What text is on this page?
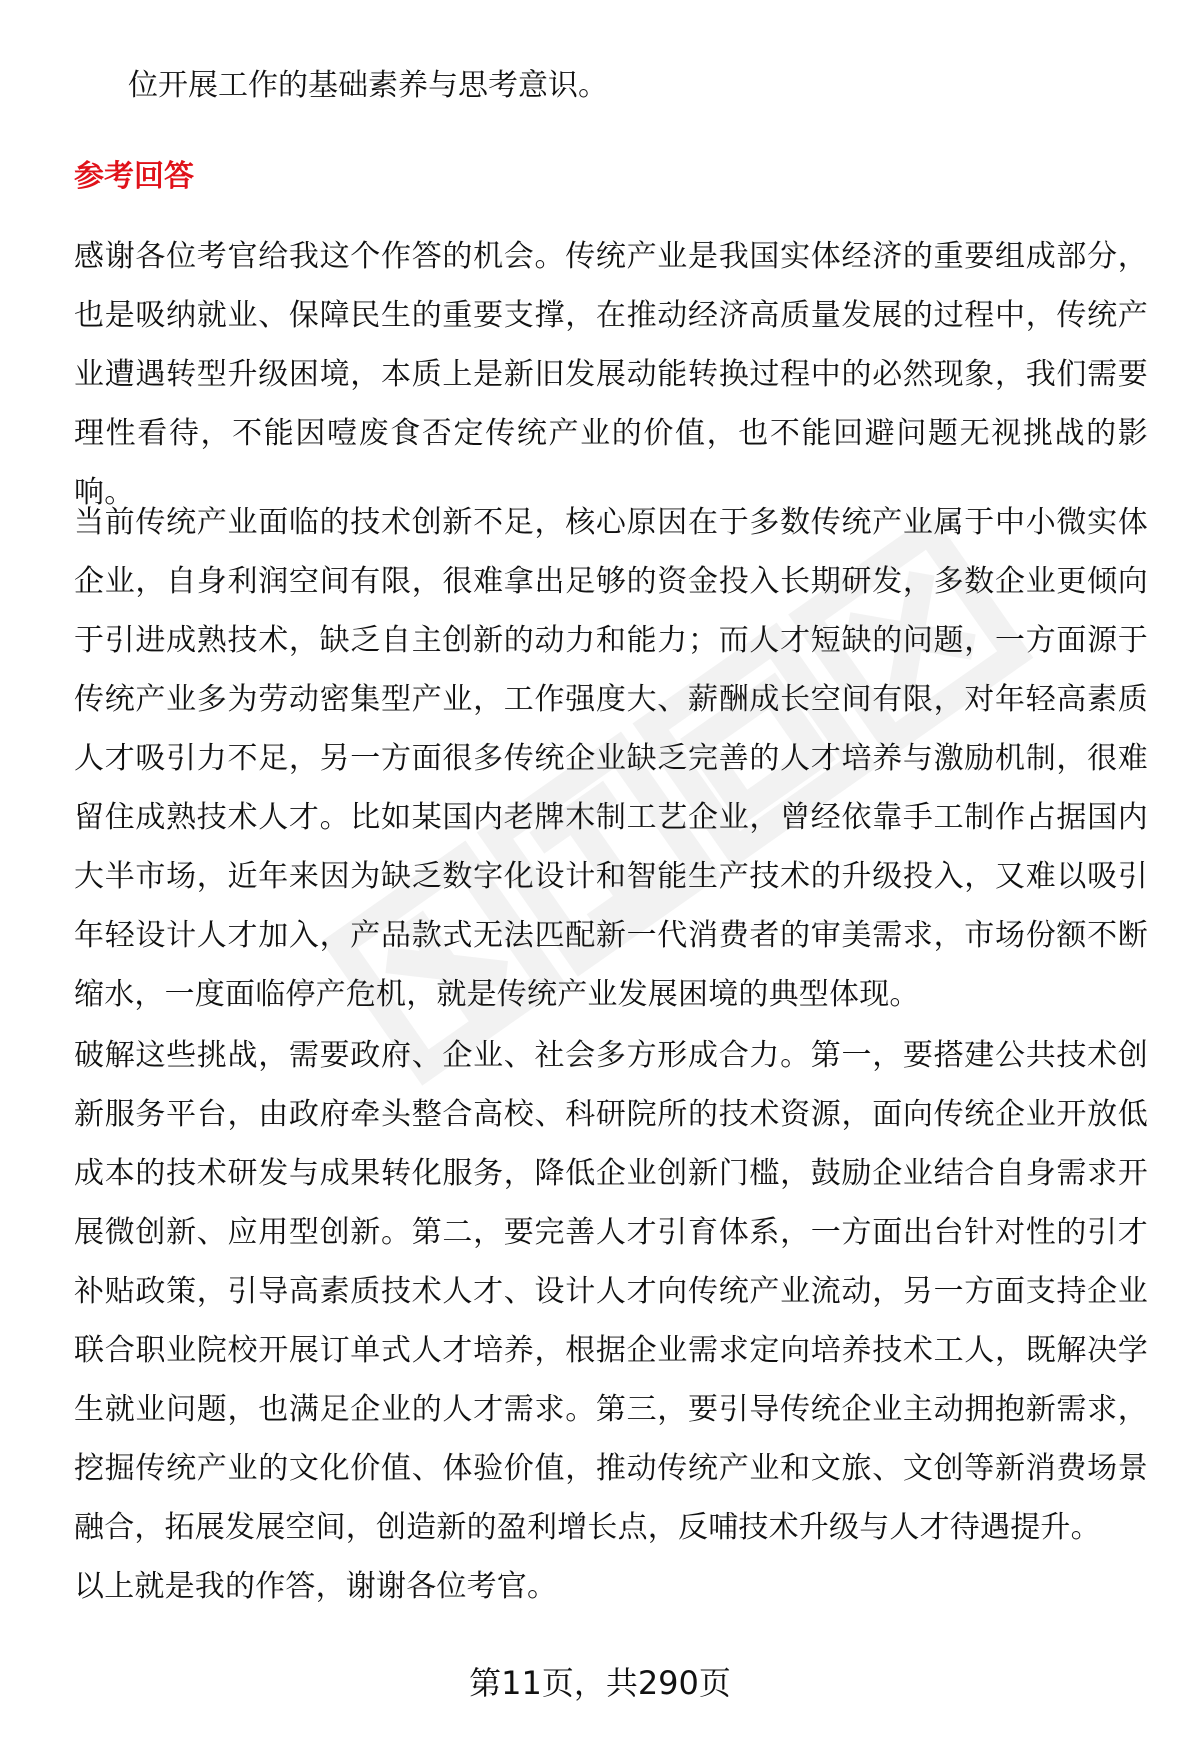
位开展工作的基础素养与思考意识。

参考回答

感谢各位考官给我这个作答的机会。传统产业是我国实体经济的重要组成部分，也是吸纳就业、保障民生的重要支撑，在推动经济高质量发展的过程中，传统产业遭遇转型升级困境，本质上是新旧发展动能转换过程中的必然现象，我们需要理性看待，不能因噎废食否定传统产业的价值，也不能回避问题无视挑战的影响。

当前传统产业面临的技术创新不足，核心原因在于多数传统产业属于中小微实体企业，自身利润空间有限，很难拿出足够的资金投入长期研发，多数企业更倾向于引进成熟技术，缺乏自主创新的动力和能力；而人才短缺的问题，一方面源于传统产业多为劳动密集型产业，工作强度大、薪酬成长空间有限，对年轻高素质人才吸引力不足，另一方面很多传统企业缺乏完善的人才培养与激励机制，很难留住成熟技术人才。比如某国内老牌木制工艺企业，曾经依靠手工制作占据国内大半市场，近年来因为缺乏数字化设计和智能生产技术的升级投入，又难以吸引年轻设计人才加入，产品款式无法匹配新一代消费者的审美需求，市场份额不断缩水，一度面临停产危机，就是传统产业发展困境的典型体现。

破解这些挑战，需要政府、企业、社会多方形成合力。第一，要搭建公共技术创新服务平台，由政府牵头整合高校、科研院所的技术资源，面向传统企业开放低成本的技术研发与成果转化服务，降低企业创新门槛，鼓励企业结合自身需求开展微创新、应用型创新。第二，要完善人才引育体系，一方面出台针对性的引才补贴政策，引导高素质技术人才、设计人才向传统产业流动，另一方面支持企业联合职业院校开展订单式人才培养，根据企业需求定向培养技术工人，既解决学生就业问题，也满足企业的人才需求。第三，要引导传统企业主动拥抱新需求，挖掘传统产业的文化价值、体验价值，推动传统产业和文旅、文创等新消费场景融合，拓展发展空间，创造新的盈利增长点，反哺技术升级与人才待遇提升。

以上就是我的作答，谢谢各位考官。

第11页，共290页
